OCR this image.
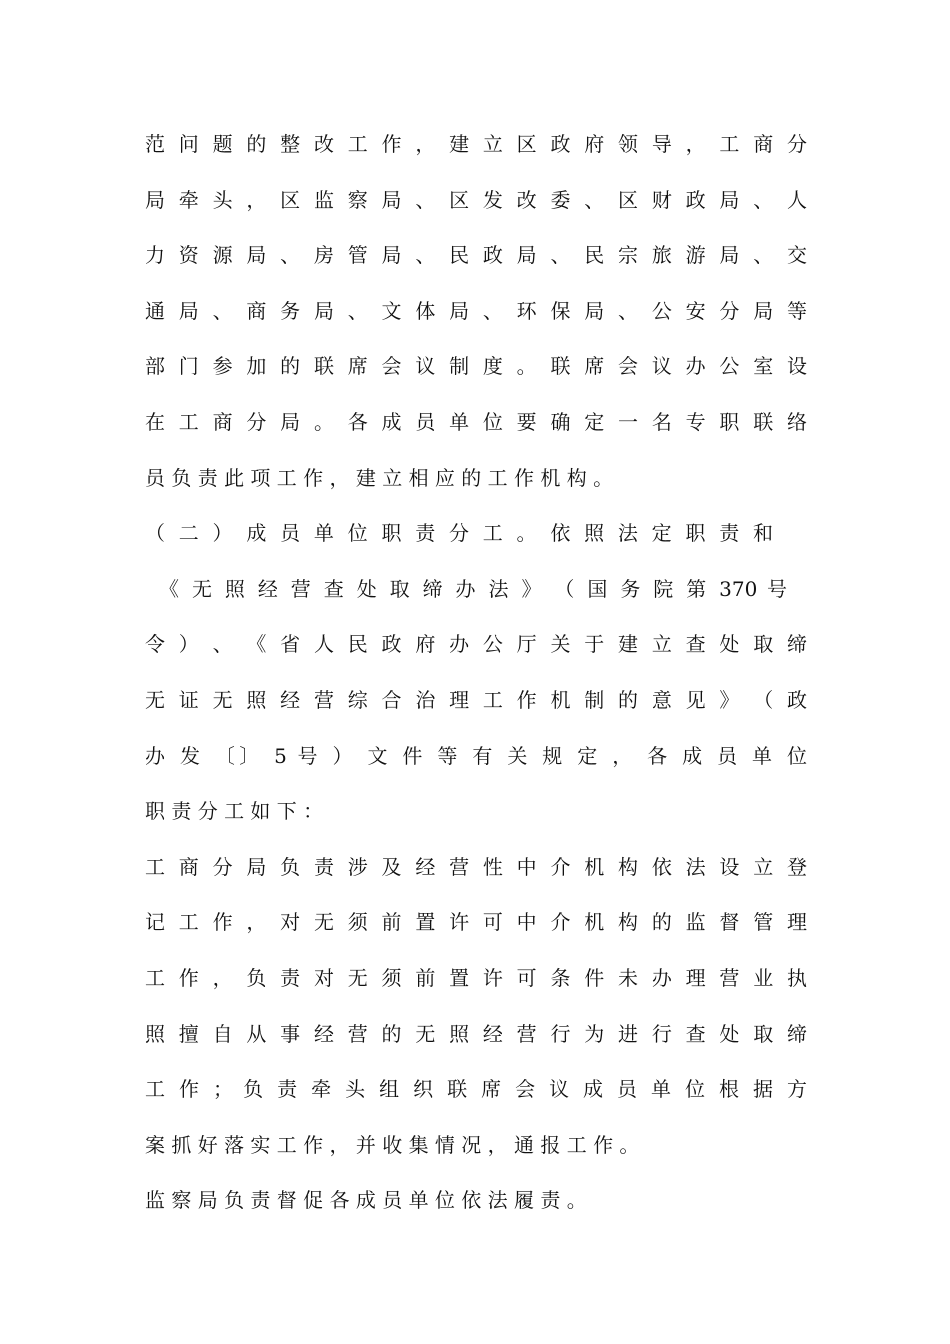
范 问 题 的 整 改 工 作 ， 建 立 区 政 府 领 导 ， 工 商 分
局 牵 头 ， 区 监 察 局 、 区 发 改 委 、 区 财 政 局 、 人
力 资 源 局 、 房 管 局 、 民 政 局 、 民 宗 旅 游 局 、 交
通 局 、 商 务 局 、 文 体 局 、 环 保 局 、 公 安 分 局 等
部 门 参 加 的 联 席 会 议 制 度 。 联 席 会 议 办 公 室 设
在 工 商 分 局 。 各 成 员 单 位 要 确 定 一 名 专 职 联 络
员 负 责 此 项 工 作 ， 建 立 相 应 的 工 作 机 构 。
（ 二 ） 成 员 单 位 职 责 分 工 。 依 照 法 定 职 责 和
《 无 照 经 营 查 处 取 缔 办 法 》 （ 国 务 院 第 370 号
令 ） 、 《 省 人 民 政 府 办 公 厅 关 于 建 立 查 处 取 缔
无 证 无 照 经 营 综 合 治 理 工 作 机 制 的 意 见 》 （ 政
办 发 〔〕 5 号 ） 文 件 等 有 关 规 定 ， 各 成 员 单 位
职 责 分 工 如 下 ：
工 商 分 局 负 责 涉 及 经 营 性 中 介 机 构 依 法 设 立 登
记 工 作 ， 对 无 须 前 置 许 可 中 介 机 构 的 监 督 管 理
工 作 ， 负 责 对 无 须 前 置 许 可 条 件 未 办 理 营 业 执
照 擅 自 从 事 经 营 的 无 照 经 营 行 为 进 行 查 处 取 缔
工 作 ； 负 责 牵 头 组 织 联 席 会 议 成 员 单 位 根 据 方
案 抓 好 落 实 工 作 ， 并 收 集 情 况 ， 通 报 工 作 。
监 察 局 负 责 督 促 各 成 员 单 位 依 法 履 责 。
